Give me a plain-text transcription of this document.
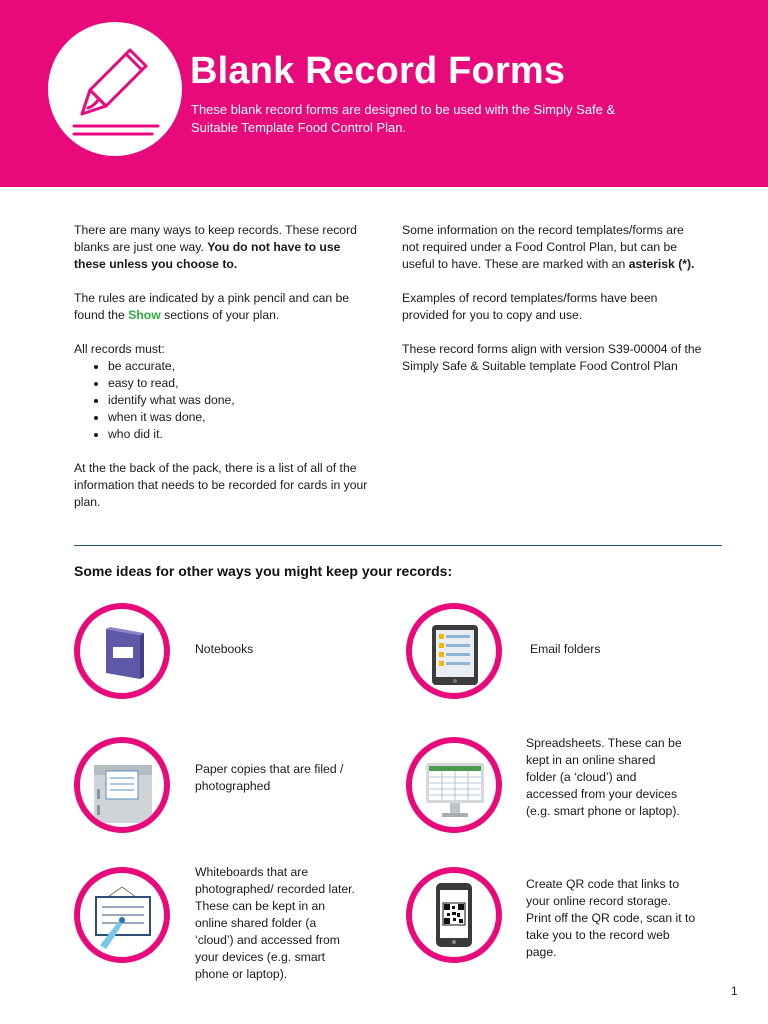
Blank Record Forms
These blank record forms are designed to be used with the Simply Safe & Suitable Template Food Control Plan.

There are many ways to keep records. These record blanks are just one way. You do not have to use these unless you choose to.

The rules are indicated by a pink pencil and can be found the Show sections of your plan.

All records must:
• be accurate,
• easy to read,
• identify what was done,
• when it was done,
• who did it.

At the the back of the pack, there is a list of all of the information that needs to be recorded for cards in your plan.

Some information on the record templates/forms are not required under a Food Control Plan, but can be useful to have. These are marked with an asterisk (*).

Examples of record templates/forms have been provided for you to copy and use.

These record forms align with version S39-00004 of the Simply Safe & Suitable template Food Control Plan

Some ideas for other ways you might keep your records:
Notebooks	Email folders
Paper copies that are filed / photographed
Spreadsheets. These can be kept in an online shared folder (a ‘cloud’) and accessed from your devices (e.g. smart phone or laptop).
Whiteboards that are photographed/ recorded later. These can be kept in an online shared folder (a ‘cloud’) and accessed from your devices (e.g. smart phone or laptop).
Create QR code that links to your online record storage. Print off the QR code, scan it to take you to the record web page.
1
